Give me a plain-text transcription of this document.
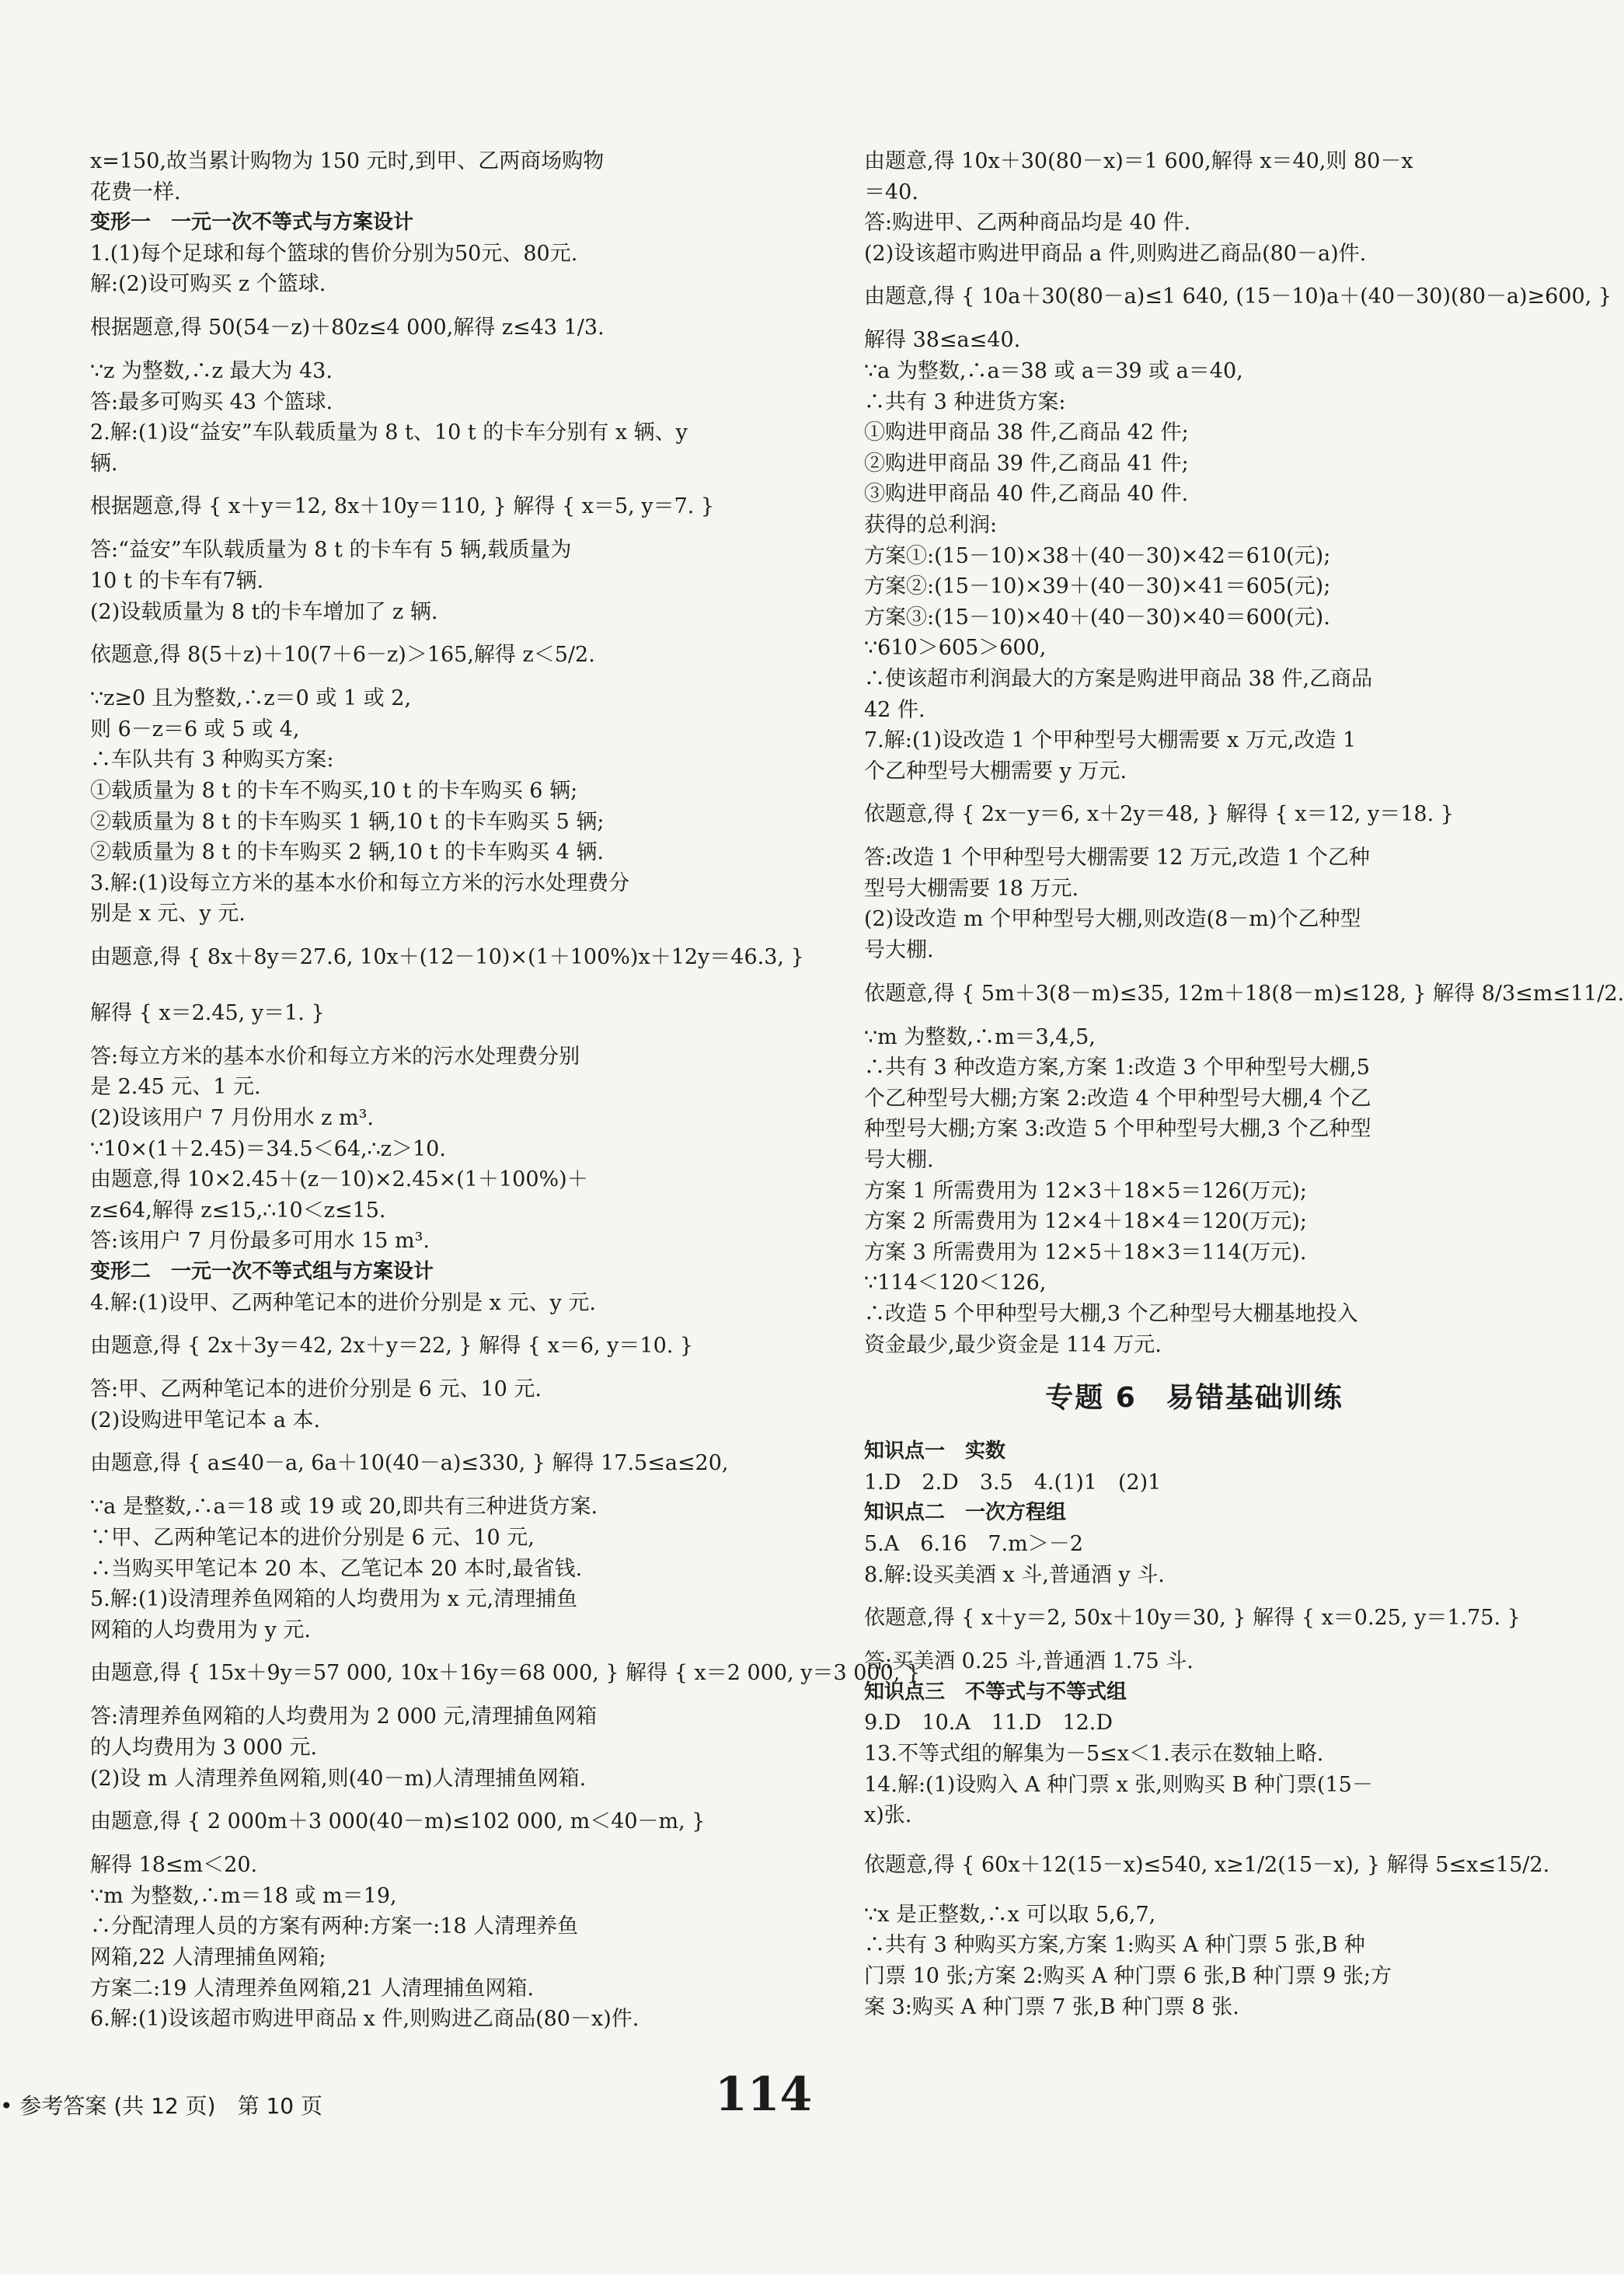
x=150,故当累计购物为 150 元时,到甲、乙两商场购物
花费一样.
变形一　一元一次不等式与方案设计
1.(1)每个足球和每个篮球的售价分别为50元、80元.
解:(2)设可购买 z 个篮球.
根据题意,得 50(54－z)＋80z≤4 000,解得 z≤43 1/3.
∵z 为整数,∴z 最大为 43.
答:最多可购买 43 个篮球.
2.解:(1)设“益安”车队载质量为 8 t、10 t 的卡车分别有 x 辆、y
辆.
根据题意,得 { x＋y＝12, 8x＋10y＝110, } 解得 { x＝5, y＝7. }
答:“益安”车队载质量为 8 t 的卡车有 5 辆,载质量为
10 t 的卡车有7辆.
(2)设载质量为 8 t的卡车增加了 z 辆.
依题意,得 8(5＋z)＋10(7＋6－z)＞165,解得 z＜5/2.
∵z≥0 且为整数,∴z＝0 或 1 或 2,
则 6－z＝6 或 5 或 4,
∴车队共有 3 种购买方案:
①载质量为 8 t 的卡车不购买,10 t 的卡车购买 6 辆;
②载质量为 8 t 的卡车购买 1 辆,10 t 的卡车购买 5 辆;
②载质量为 8 t 的卡车购买 2 辆,10 t 的卡车购买 4 辆.
3.解:(1)设每立方米的基本水价和每立方米的污水处理费分
别是 x 元、y 元.
由题意,得 { 8x＋8y＝27.6, 10x＋(12－10)×(1＋100%)x＋12y＝46.3, }
解得 { x＝2.45, y＝1. }
答:每立方米的基本水价和每立方米的污水处理费分别
是 2.45 元、1 元.
(2)设该用户 7 月份用水 z m³.
∵10×(1＋2.45)＝34.5＜64,∴z＞10.
由题意,得 10×2.45＋(z－10)×2.45×(1＋100%)＋
z≤64,解得 z≤15,∴10＜z≤15.
答:该用户 7 月份最多可用水 15 m³.
变形二　一元一次不等式组与方案设计
4.解:(1)设甲、乙两种笔记本的进价分别是 x 元、y 元.
由题意,得 { 2x＋3y＝42, 2x＋y＝22, } 解得 { x＝6, y＝10. }
答:甲、乙两种笔记本的进价分别是 6 元、10 元.
(2)设购进甲笔记本 a 本.
由题意,得 { a≤40－a, 6a＋10(40－a)≤330, } 解得 17.5≤a≤20,
∵a 是整数,∴a＝18 或 19 或 20,即共有三种进货方案.
∵甲、乙两种笔记本的进价分别是 6 元、10 元,
∴当购买甲笔记本 20 本、乙笔记本 20 本时,最省钱.
5.解:(1)设清理养鱼网箱的人均费用为 x 元,清理捕鱼
网箱的人均费用为 y 元.
由题意,得 { 15x＋9y＝57 000, 10x＋16y＝68 000, } 解得 { x＝2 000, y＝3 000, }
答:清理养鱼网箱的人均费用为 2 000 元,清理捕鱼网箱
的人均费用为 3 000 元.
(2)设 m 人清理养鱼网箱,则(40－m)人清理捕鱼网箱.
由题意,得 { 2 000m＋3 000(40－m)≤102 000, m＜40－m, }
解得 18≤m＜20.
∵m 为整数,∴m＝18 或 m＝19,
∴分配清理人员的方案有两种:方案一:18 人清理养鱼
网箱,22 人清理捕鱼网箱;
方案二:19 人清理养鱼网箱,21 人清理捕鱼网箱.
6.解:(1)设该超市购进甲商品 x 件,则购进乙商品(80－x)件.
由题意,得 10x＋30(80－x)＝1 600,解得 x＝40,则 80－x
＝40.
答:购进甲、乙两种商品均是 40 件.
(2)设该超市购进甲商品 a 件,则购进乙商品(80－a)件.
由题意,得 { 10a＋30(80－a)≤1 640, (15－10)a＋(40－30)(80－a)≥600, }
解得 38≤a≤40.
∵a 为整数,∴a＝38 或 a＝39 或 a＝40,
∴共有 3 种进货方案:
①购进甲商品 38 件,乙商品 42 件;
②购进甲商品 39 件,乙商品 41 件;
③购进甲商品 40 件,乙商品 40 件.
获得的总利润:
方案①:(15－10)×38＋(40－30)×42＝610(元);
方案②:(15－10)×39＋(40－30)×41＝605(元);
方案③:(15－10)×40＋(40－30)×40＝600(元).
∵610＞605＞600,
∴使该超市利润最大的方案是购进甲商品 38 件,乙商品
42 件.
7.解:(1)设改造 1 个甲种型号大棚需要 x 万元,改造 1
个乙种型号大棚需要 y 万元.
依题意,得 { 2x－y＝6, x＋2y＝48, } 解得 { x＝12, y＝18. }
答:改造 1 个甲种型号大棚需要 12 万元,改造 1 个乙种
型号大棚需要 18 万元.
(2)设改造 m 个甲种型号大棚,则改造(8－m)个乙种型
号大棚.
依题意,得 { 5m＋3(8－m)≤35, 12m＋18(8－m)≤128, } 解得 8/3≤m≤11/2.
∵m 为整数,∴m＝3,4,5,
∴共有 3 种改造方案,方案 1:改造 3 个甲种型号大棚,5
个乙种型号大棚;方案 2:改造 4 个甲种型号大棚,4 个乙
种型号大棚;方案 3:改造 5 个甲种型号大棚,3 个乙种型
号大棚.
方案 1 所需费用为 12×3＋18×5＝126(万元);
方案 2 所需费用为 12×4＋18×4＝120(万元);
方案 3 所需费用为 12×5＋18×3＝114(万元).
∵114＜120＜126,
∴改造 5 个甲种型号大棚,3 个乙种型号大棚基地投入
资金最少,最少资金是 114 万元.
专题 6　易错基础训练
知识点一　实数
1.D　2.D　3.5　4.(1)1　(2)1
知识点二　一次方程组
5.A　6.16　7.m＞－2
8.解:设买美酒 x 斗,普通酒 y 斗.
依题意,得 { x＋y＝2, 50x＋10y＝30, } 解得 { x＝0.25, y＝1.75. }
答:买美酒 0.25 斗,普通酒 1.75 斗.
知识点三　不等式与不等式组
9.D　10.A　11.D　12.D
13.不等式组的解集为－5≤x＜1.表示在数轴上略.
14.解:(1)设购入 A 种门票 x 张,则购买 B 种门票(15－
x)张.
依题意,得 { 60x＋12(15－x)≤540, x≥1/2(15－x), } 解得 5≤x≤15/2.
∵x 是正整数,∴x 可以取 5,6,7,
∴共有 3 种购买方案,方案 1:购买 A 种门票 5 张,B 种
门票 10 张;方案 2:购买 A 种门票 6 张,B 种门票 9 张;方
案 3:购买 A 种门票 7 张,B 种门票 8 张.
• 参考答案 (共 12 页)　第 10 页	114
